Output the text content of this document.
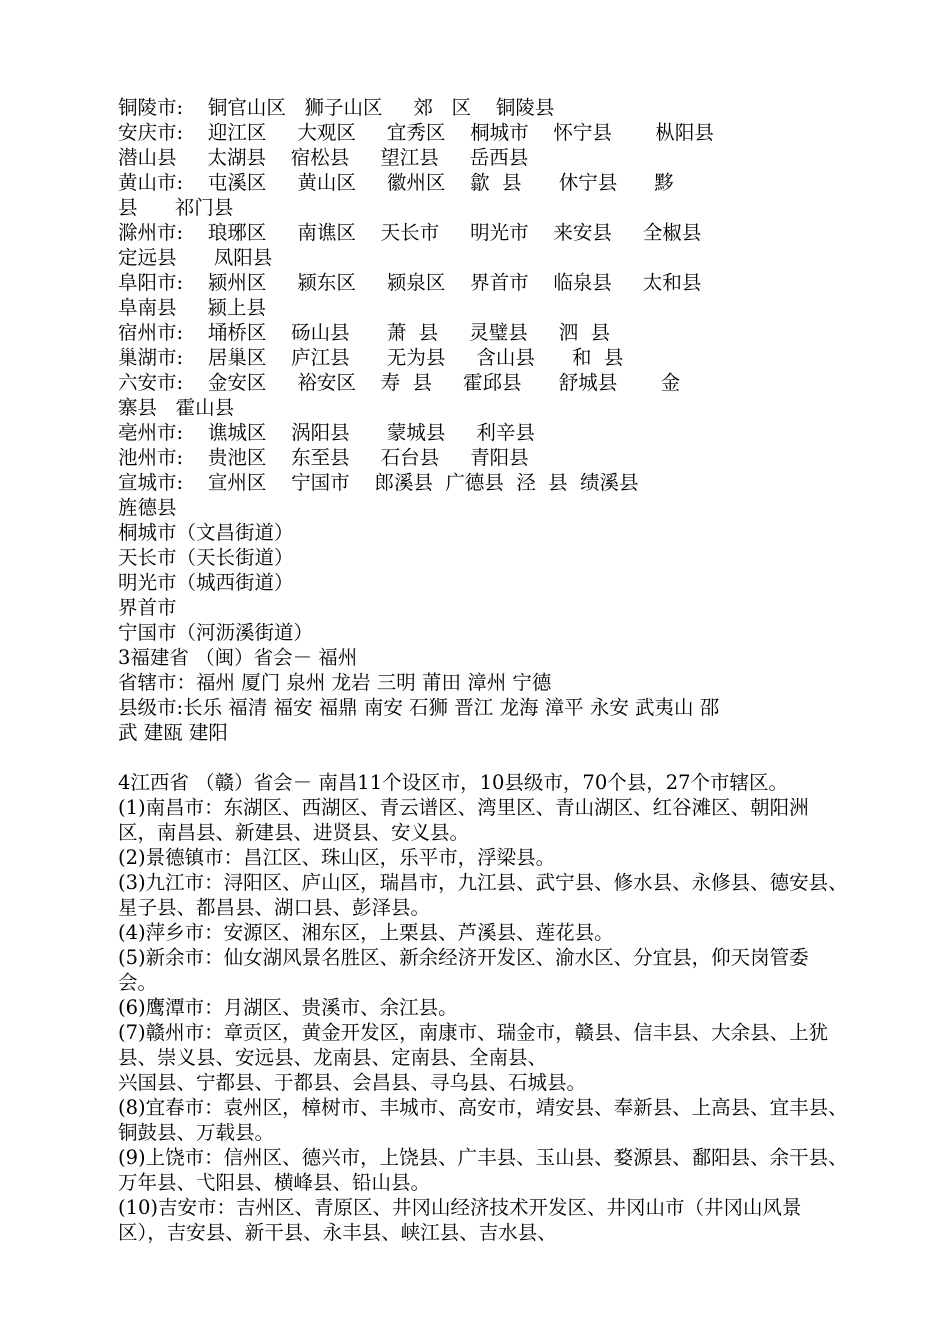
铜陵市:    铜官山区   狮子山区     郊   区    铜陵县
安庆市:    迎江区     大观区     宜秀区    桐城市    怀宁县       枞阳县
潜山县     太湖县    宿松县     望江县     岳西县
黄山市:    屯溪区     黄山区     徽州区    歙  县      休宁县      黟
县      祁门县
滁州市:    琅琊区     南谯区    天长市     明光市    来安县     全椒县
定远县      凤阳县
阜阳市:    颍州区     颍东区     颍泉区    界首市    临泉县     太和县
阜南县     颍上县
宿州市:    埇桥区    砀山县      萧  县     灵璧县     泗  县
巢湖市:    居巢区    庐江县      无为县     含山县      和  县
六安市:    金安区     裕安区    寿  县     霍邱县      舒城县       金
寨县   霍山县
亳州市:    谯城区    涡阳县      蒙城县     利辛县
池州市:    贵池区    东至县     石台县     青阳县
宣城市:    宣州区    宁国市    郎溪县  广德县  泾  县  绩溪县
旌德县
桐城市（文昌街道）
天长市（天长街道）
明光市（城西街道）
界首市
宁国市（河沥溪街道）
3福建省 （闽）省会－ 福州
省辖市：福州 厦门 泉州 龙岩 三明 莆田 漳州 宁德
县级市:长乐 福清 福安 福鼎 南安 石狮 晋江 龙海 漳平 永安 武夷山 邵
武 建瓯 建阳
4江西省 （赣）省会－ 南昌11个设区市，10县级市，70个县，27个市辖区。
(1)南昌市：东湖区、西湖区、青云谱区、湾里区、青山湖区、红谷滩区、朝阳洲
区，南昌县、新建县、进贤县、安义县。
(2)景德镇市：昌江区、珠山区，乐平市，浮梁县。
(3)九江市：浔阳区、庐山区，瑞昌市，九江县、武宁县、修水县、永修县、德安县、
星子县、都昌县、湖口县、彭泽县。
(4)萍乡市：安源区、湘东区，上栗县、芦溪县、莲花县。
(5)新余市：仙女湖风景名胜区、新余经济开发区、渝水区、分宜县，仰天岗管委
会。
(6)鹰潭市：月湖区、贵溪市、余江县。
(7)赣州市：章贡区，黄金开发区，南康市、瑞金市，赣县、信丰县、大余县、上犹
县、崇义县、安远县、龙南县、定南县、全南县、
兴国县、宁都县、于都县、会昌县、寻乌县、石城县。
(8)宜春市：袁州区，樟树市、丰城市、高安市，靖安县、奉新县、上高县、宜丰县、
铜鼓县、万载县。
(9)上饶市：信州区、德兴市，上饶县、广丰县、玉山县、婺源县、鄱阳县、余干县、
万年县、弋阳县、横峰县、铅山县。
(10)吉安市：吉州区、青原区、井冈山经济技术开发区、井冈山市（井冈山风景
区），吉安县、新干县、永丰县、峡江县、吉水县、
